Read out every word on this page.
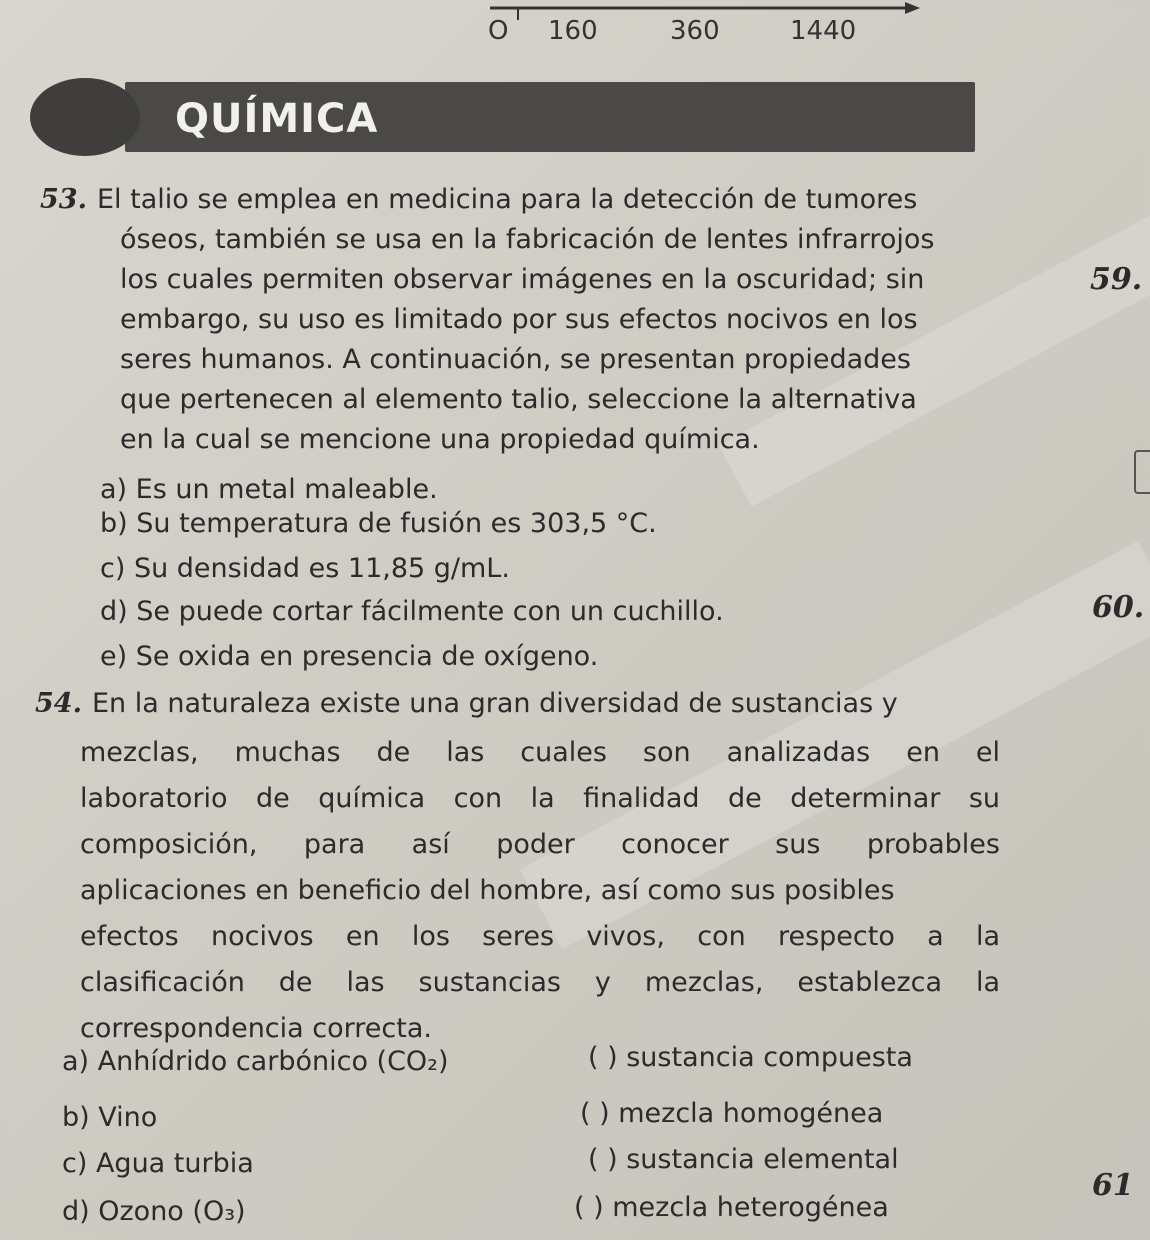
O 160	360	1440
QUÍMICA
53. El talio se emplea en medicina para la detección de tumores
óseos, también se usa en la fabricación de lentes infrarrojos
los cuales permiten observar imágenes en la oscuridad; sin
embargo, su uso es limitado por sus efectos nocivos en los
seres humanos. A continuación, se presentan propiedades
que pertenecen al elemento talio, seleccione la alternativa
en la cual se mencione una propiedad química.
a) Es un metal maleable.
b) Su temperatura de fusión es 303,5 °C.
c) Su densidad es 11,85 g/mL.
d) Se puede cortar fácilmente con un cuchillo.
e) Se oxida en presencia de oxígeno.
54. En la naturaleza existe una gran diversidad de sustancias y
mezclas, muchas de las cuales son analizadas en el
laboratorio de química con la finalidad de determinar su
composición, para así poder conocer sus probables
aplicaciones en beneficio del hombre, así como sus posibles
efectos nocivos en los seres vivos, con respecto a la
clasificación de las sustancias y mezclas, establezca la
correspondencia correcta.
a) Anhídrido carbónico (CO₂)
b) Vino
c) Agua turbia
d) Ozono (O₃)
( ) sustancia compuesta
( ) mezcla homogénea
( ) sustancia elemental
( ) mezcla heterogénea
59.
60.
61
